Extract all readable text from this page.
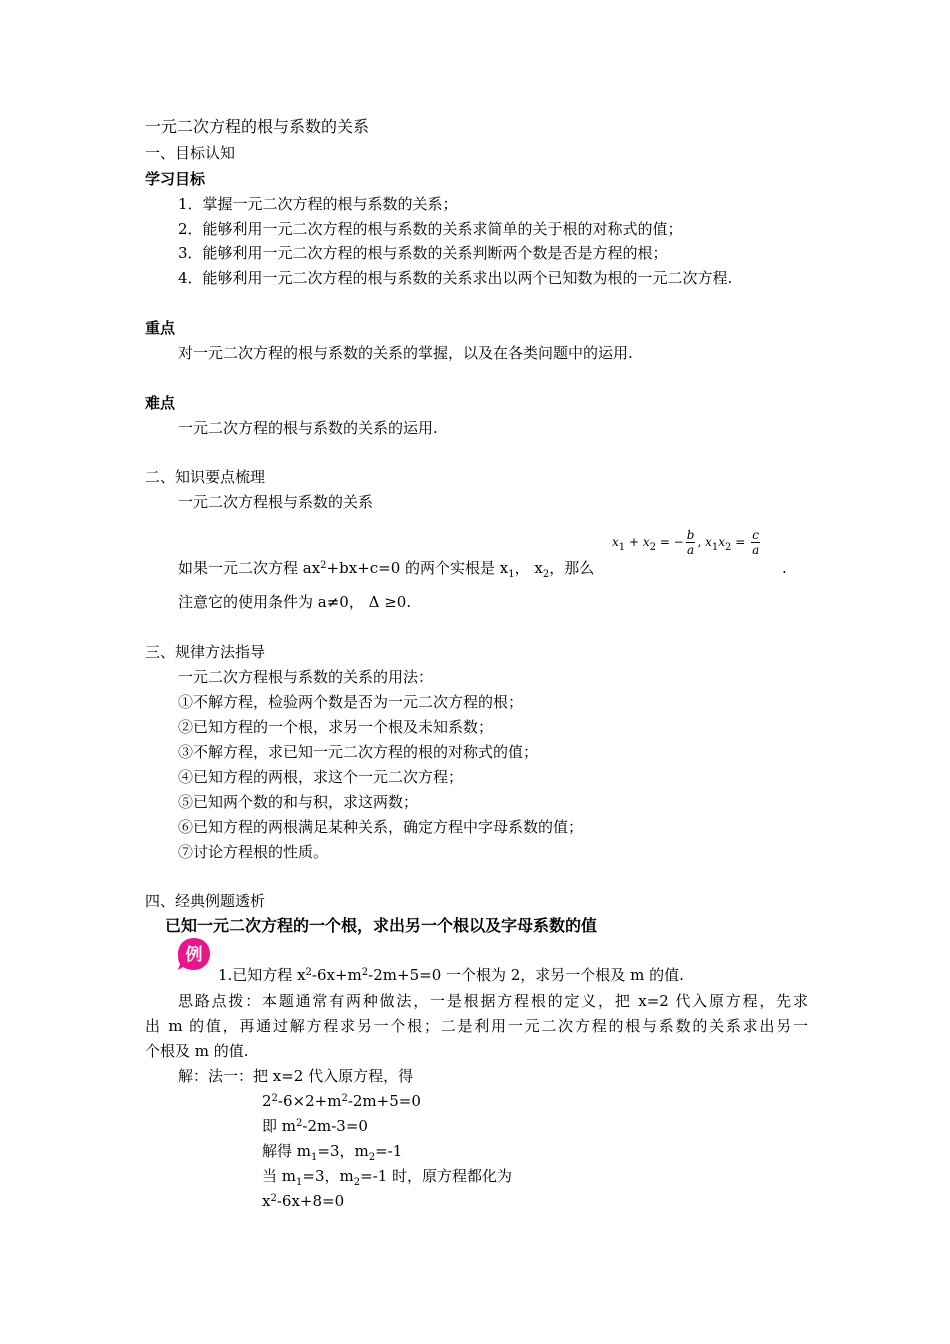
一元二次方程的根与系数的关系
一、目标认知
学习目标
1．掌握一元二次方程的根与系数的关系；
2．能够利用一元二次方程的根与系数的关系求简单的关于根的对称式的值；
3．能够利用一元二次方程的根与系数的关系判断两个数是否是方程的根；
4．能够利用一元二次方程的根与系数的关系求出以两个已知数为根的一元二次方程.
重点
对一元二次方程的根与系数的关系的掌握，以及在各类问题中的运用.
难点
一元二次方程的根与系数的关系的运用.
二、知识要点梳理
一元二次方程根与系数的关系
如果一元二次方程 $ax^2+bx+c=0$ 的两个实根是 $x_1$， $x_2$，那么
$x_1 + x_2$ = − $\frac{b}{a}$ , $x_1x_2 = \frac{c}{a}$
.
注意它的使用条件为 a≠0， Δ ≥0.
三、规律方法指导
一元二次方程根与系数的关系的用法：
①不解方程，检验两个数是否为一元二次方程的根；
②已知方程的一个根，求另一个根及未知系数；
③不解方程，求已知一元二次方程的根的对称式的值；
④已知方程的两根，求这个一元二次方程；
⑤已知两个数的和与积，求这两数；
⑥已知方程的两根满足某种关系，确定方程中字母系数的值；
⑦讨论方程根的性质。
四、经典例题透析
已知一元二次方程的一个根，求出另一个根以及字母系数的值
例
1.已知方程 $x^2-6x+m^2-2m+5=0$ 一个根为 2，求另一个根及 m 的值.
思路点拨：本题通常有两种做法，一是根据方程根的定义，把 x=2 代入原方程，先求
出 m 的值，再通过解方程求另一个根；二是利用一元二次方程的根与系数的关系求出另一
个根及 m 的值.
解：法一：把 x=2 代入原方程，得
$2^2-6\times 2+m^2-2m+5=0$
即 $m^2-2m-3=0$
解得 $m_1=3$，$m_2=-1$
当 $m_1=3$，$m_2=-1$ 时，原方程都化为
$x^2-6x+8=0$
